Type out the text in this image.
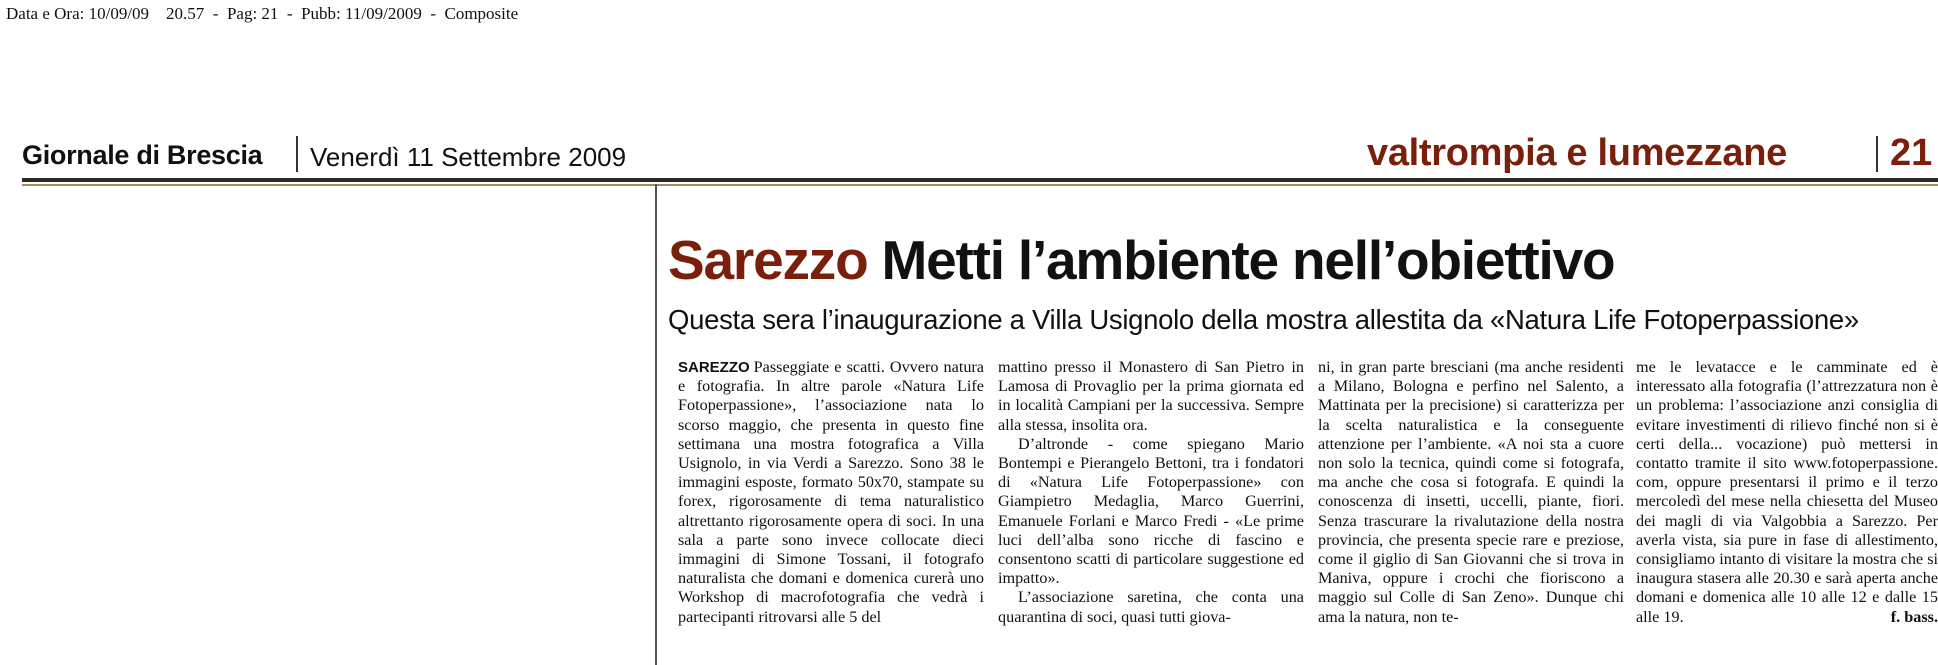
Data e Ora: 10/09/09    20.57  -  Pag: 21  -  Pubb: 11/09/2009  -  Composite
Giornale di Brescia Venerdì 11 Settembre 2009	valtrompia e lumezzane	21
Sarezzo Metti l’ambiente nell’obiettivo
Questa sera l’inaugurazione a Villa Usignolo della mostra allestita da «Natura Life Fotoperpassione»

SAREZZO Passeggiate e scatti. Ovvero natura e fotografia. In altre parole «Natura Life Fotoperpassione», l’associazione nata lo scorso maggio, che presenta in questo fine settimana una mostra fotografica a Villa Usignolo, in via Verdi a Sarezzo. Sono 38 le immagini esposte, formato 50x70, stampate su forex, rigorosamente di tema naturalistico altrettanto rigorosamente opera di soci. In una sala a parte sono invece collocate dieci immagini di Simone Tossani, il fotografo naturalista che domani e domenica curerà uno Workshop di macrofotografia che vedrà i partecipanti ritrovarsi alle 5 del

mattino presso il Monastero di San Pietro in Lamosa di Provaglio per la prima giornata ed in località Campiani per la successiva. Sempre alla stessa, insolita ora.

D’altronde - come spiegano Mario Bontempi e Pierangelo Bettoni, tra i fondatori di «Natura Life Fotoperpassione» con Giampietro Medaglia, Marco Guerrini, Emanuele Forlani e Marco Fredi - «Le prime luci dell’alba sono ricche di fascino e consentono scatti di particolare suggestione ed impatto».

L’associazione saretina, che conta una quarantina di soci, quasi tutti giova-

ni, in gran parte bresciani (ma anche residenti a Milano, Bologna e perfino nel Salento, a Mattinata per la precisione) si caratterizza per la scelta naturalistica e la conseguente attenzione per l’ambiente. «A noi sta a cuore non solo la tecnica, quindi come si fotografa, ma anche che cosa si fotografa. E quindi la conoscenza di insetti, uccelli, piante, fiori. Senza trascurare la rivalutazione della nostra provincia, che presenta specie rare e preziose, come il giglio di San Giovanni che si trova in Maniva, oppure i crochi che fioriscono a maggio sul Colle di San Zeno». Dunque chi ama la natura, non te-

me le levatacce e le camminate ed è interessato alla fotografia (l’attrezzatura non è un problema: l’associazione anzi consiglia di evitare investimenti di rilievo finché non si è certi della... vocazione) può mettersi in contatto tramite il sito www.fotoperpassione. com, oppure presentarsi il primo e il terzo mercoledì del mese nella chiesetta del Museo dei magli di via Valgobbia a Sarezzo. Per averla vista, sia pure in fase di allestimento, consigliamo intanto di visitare la mostra che si inaugura stasera alle 20.30 e sarà aperta anche domani e domenica alle 10 alle 12 e dalle 15 alle 19.	f. bass.
